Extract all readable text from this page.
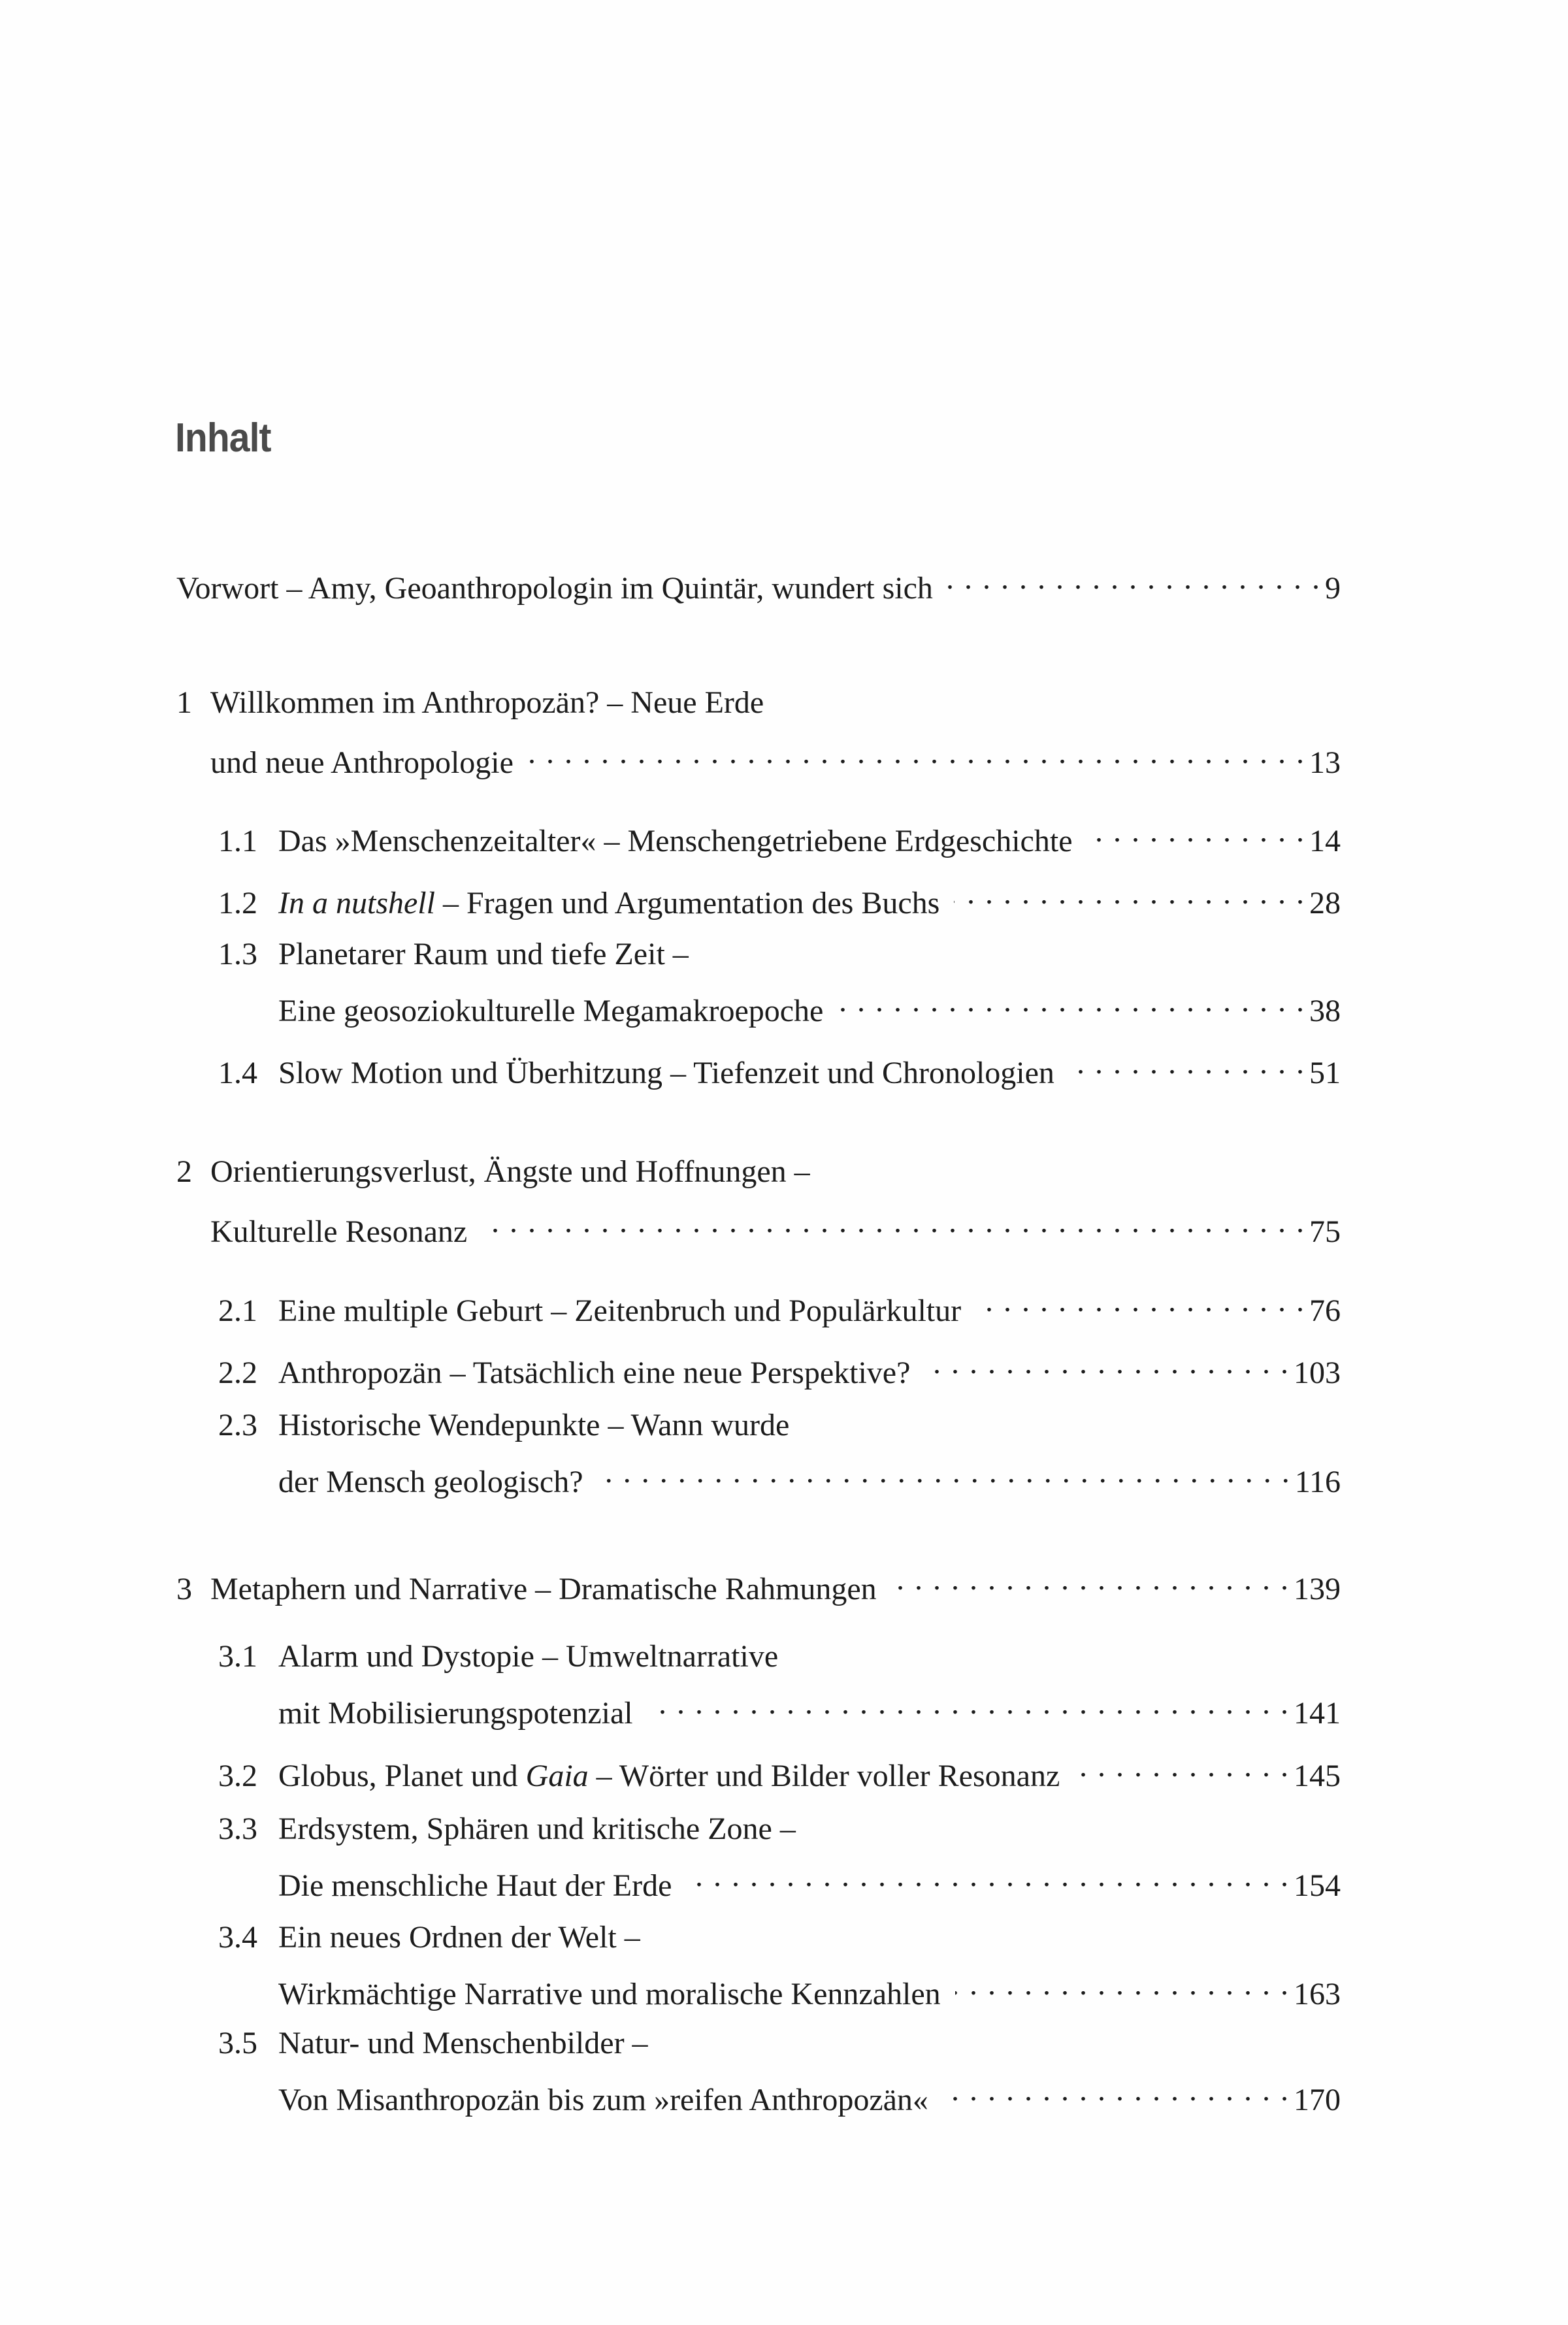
Inhalt
Vorwort – Amy, Geoanthropologin im Quintär, wundert sich . . .	9
1 Willkommen im Anthropozän? – Neue Erde
und neue Anthropologie . . .	13
1.1 Das »Menschenzeitalter« – Menschengetriebene Erdgeschichte . . .	14
1.2 In a nutshell – Fragen und Argumentation des Buchs . . .	28
1.3 Planetarer Raum und tiefe Zeit –
Eine geosoziokulturelle Megamakroepoche . . .	38
1.4 Slow Motion und Überhitzung – Tiefenzeit und Chronologien . . .	51
2 Orientierungsverlust, Ängste und Hoffnungen –
Kulturelle Resonanz . . .	75
2.1 Eine multiple Geburt – Zeitenbruch und Populärkultur . . .	76
2.2 Anthropozän – Tatsächlich eine neue Perspektive? . . .	103
2.3 Historische Wendepunkte – Wann wurde
der Mensch geologisch? . . .	116
3 Metaphern und Narrative – Dramatische Rahmungen . . .	139
3.1 Alarm und Dystopie – Umweltnarrative
mit Mobilisierungspotenzial . . .	141
3.2 Globus, Planet und Gaia – Wörter und Bilder voller Resonanz . . .	145
3.3 Erdsystem, Sphären und kritische Zone –
Die menschliche Haut der Erde . . .	154
3.4 Ein neues Ordnen der Welt –
Wirkmächtige Narrative und moralische Kennzahlen . . .	163
3.5 Natur- und Menschenbilder –
Von Misanthropozän bis zum »reifen Anthropozän« . . .	170
